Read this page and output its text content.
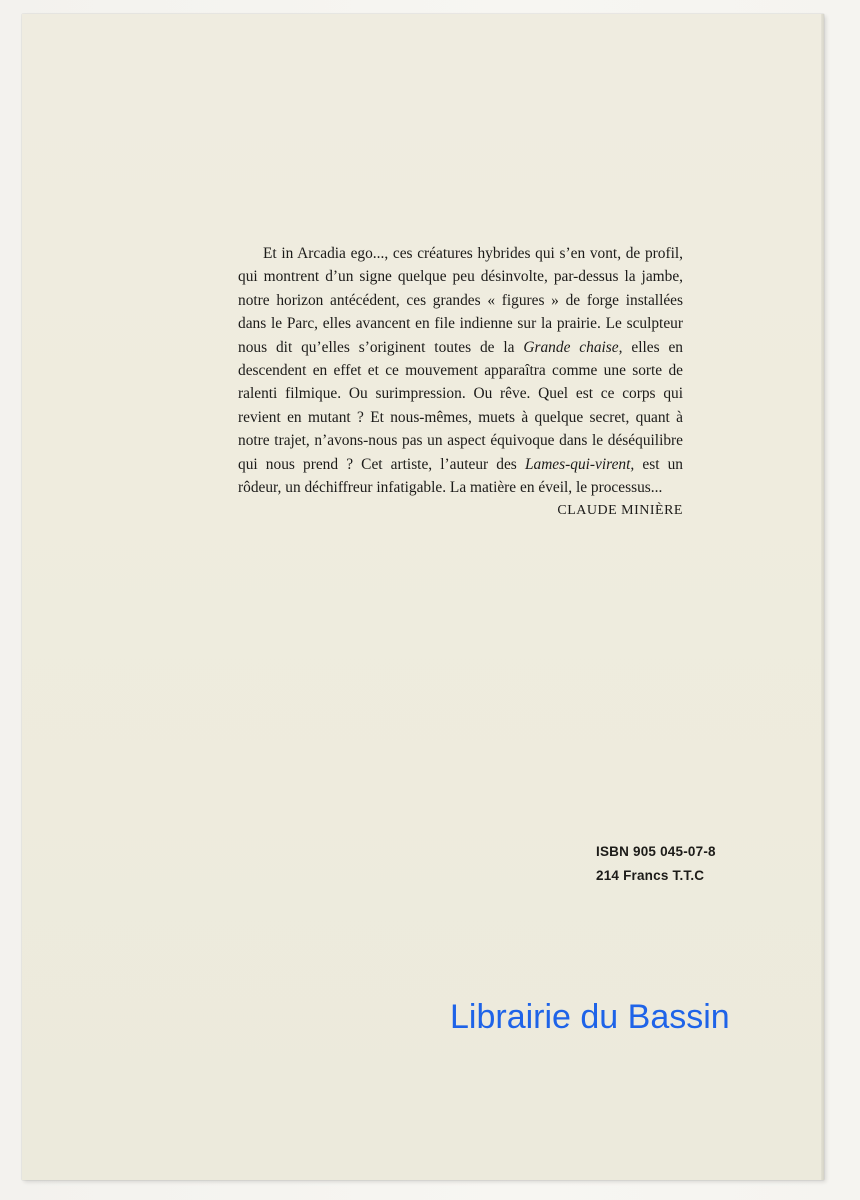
Et in Arcadia ego..., ces créatures hybrides qui s’en vont, de profil, qui montrent d’un signe quelque peu désinvolte, par-dessus la jambe, notre horizon antécédent, ces grandes « figures » de forge installées dans le Parc, elles avancent en file indienne sur la prairie. Le sculpteur nous dit qu’elles s’originent toutes de la Grande chaise, elles en descendent en effet et ce mouvement apparaîtra comme une sorte de ralenti filmique. Ou surimpression. Ou rêve. Quel est ce corps qui revient en mutant ? Et nous-mêmes, muets à quelque secret, quant à notre trajet, n’avons-nous pas un aspect équivoque dans le déséquilibre qui nous prend ? Cet artiste, l’auteur des Lames-qui-virent, est un rôdeur, un déchiffreur infatigable. La matière en éveil, le processus...

CLAUDE MINIÈRE
ISBN 905 045-07-8
214 Francs T.T.C
Librairie du Bassin
